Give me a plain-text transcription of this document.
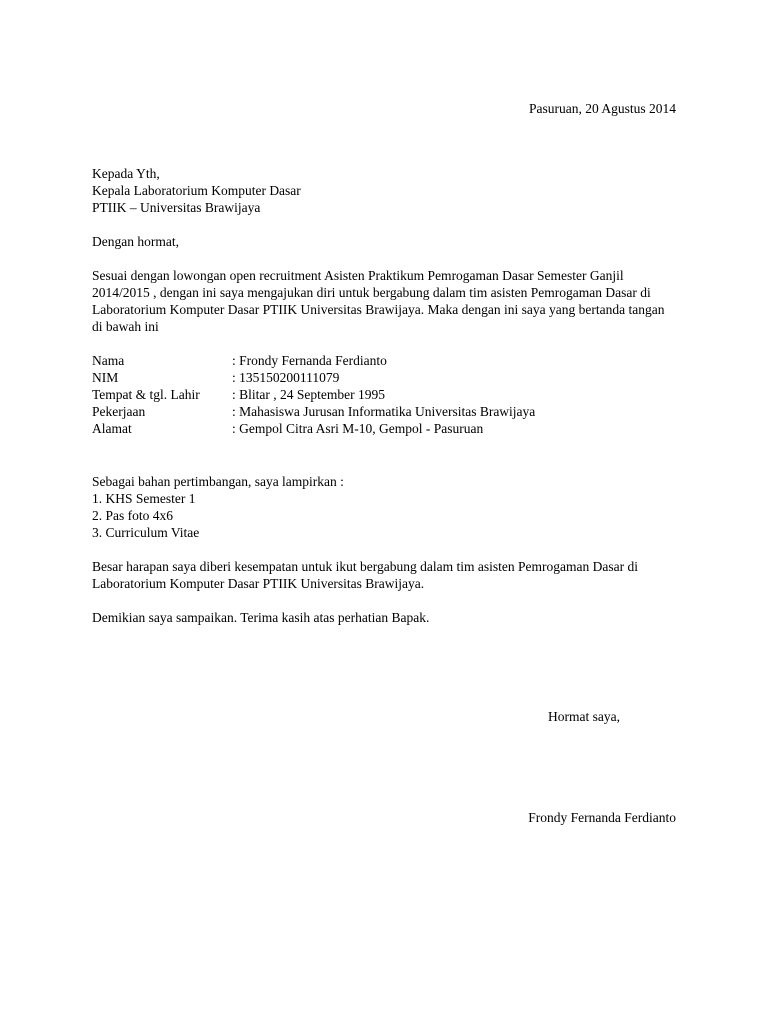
Pasuruan, 20 Agustus 2014
Kepada Yth,
Kepala Laboratorium Komputer Dasar
PTIIK – Universitas Brawijaya
Dengan hormat,
Sesuai dengan lowongan open recruitment Asisten Praktikum Pemrogaman Dasar Semester Ganjil 2014/2015 , dengan ini saya mengajukan diri untuk bergabung dalam tim asisten Pemrogaman Dasar di Laboratorium Komputer Dasar PTIIK Universitas Brawijaya. Maka dengan ini saya yang bertanda tangan di bawah ini
Nama	: Frondy Fernanda Ferdianto
NIM	: 135150200111079
Tempat & tgl. Lahir	: Blitar , 24 September 1995
Pekerjaan	: Mahasiswa Jurusan Informatika Universitas Brawijaya
Alamat	: Gempol Citra Asri M-10, Gempol - Pasuruan
Sebagai bahan pertimbangan, saya lampirkan :
1. KHS Semester 1
2. Pas foto 4x6
3. Curriculum Vitae
Besar harapan saya diberi kesempatan untuk ikut bergabung dalam tim asisten Pemrogaman Dasar di Laboratorium Komputer Dasar PTIIK Universitas Brawijaya.
Demikian saya sampaikan. Terima kasih atas perhatian Bapak.
Hormat saya,
Frondy Fernanda Ferdianto
